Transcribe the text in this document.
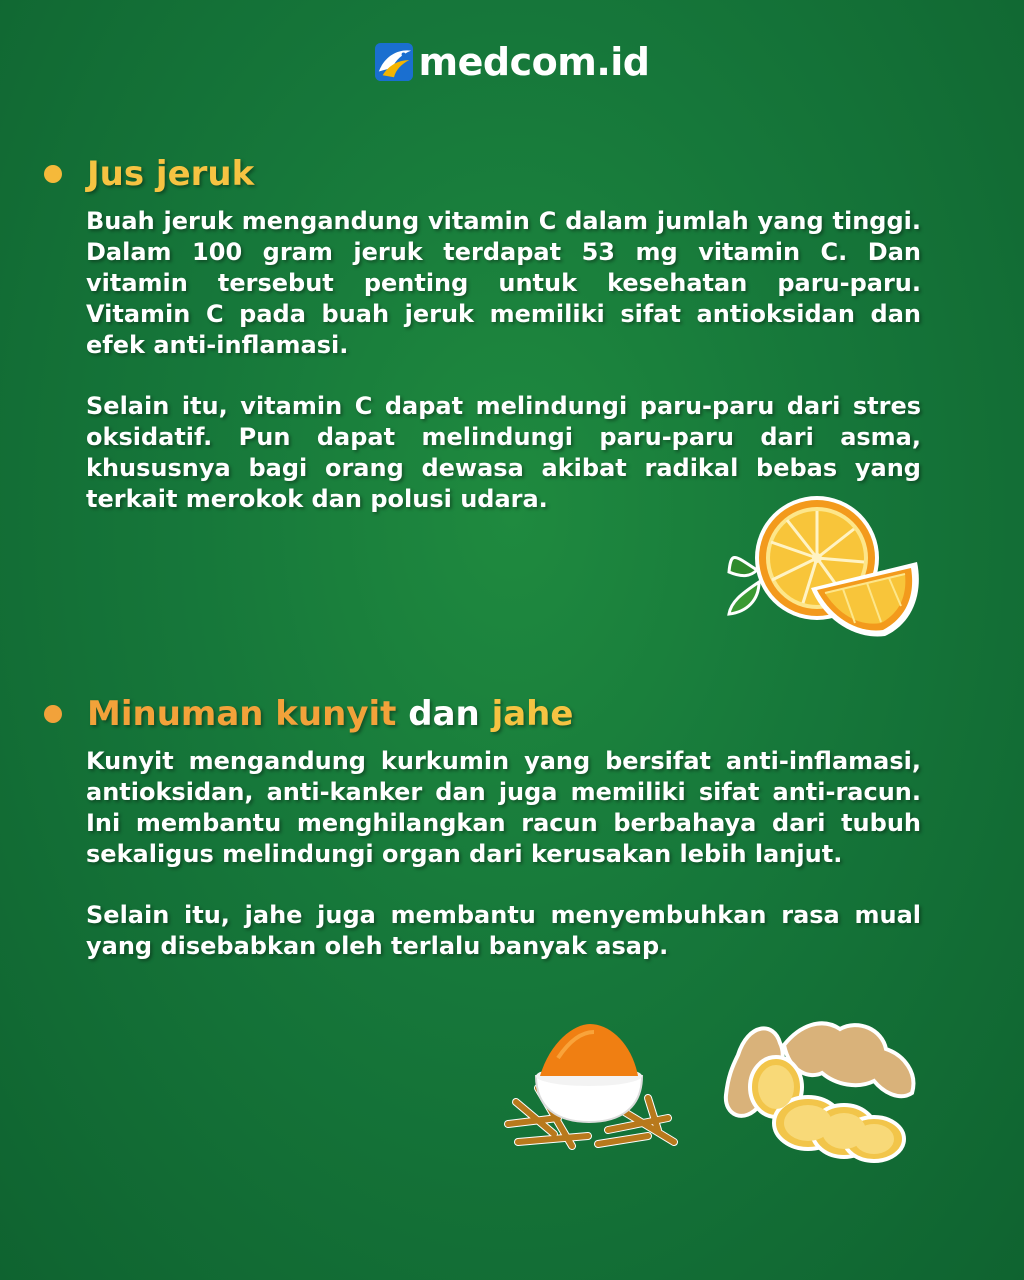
medcom.id
Jus jeruk

Buah jeruk mengandung vitamin C dalam jumlah yang tinggi. Dalam 100 gram jeruk terdapat 53 mg vitamin C. Dan vitamin tersebut penting untuk kesehatan paru-paru. Vitamin C pada buah jeruk memiliki sifat antioksidan dan efek anti-inflamasi.

Selain itu, vitamin C dapat melindungi paru-paru dari stres oksidatif. Pun dapat melindungi paru-paru dari asma, khususnya bagi orang dewasa akibat radikal bebas yang terkait merokok dan polusi udara.

Minuman kunyit dan jahe

Kunyit mengandung kurkumin yang bersifat anti-inflamasi, antioksidan, anti-kanker dan juga memiliki sifat anti-racun. Ini membantu menghilangkan racun berbahaya dari tubuh sekaligus melindungi organ dari kerusakan lebih lanjut.

Selain itu, jahe juga membantu menyembuhkan rasa mual yang disebabkan oleh terlalu banyak asap.
